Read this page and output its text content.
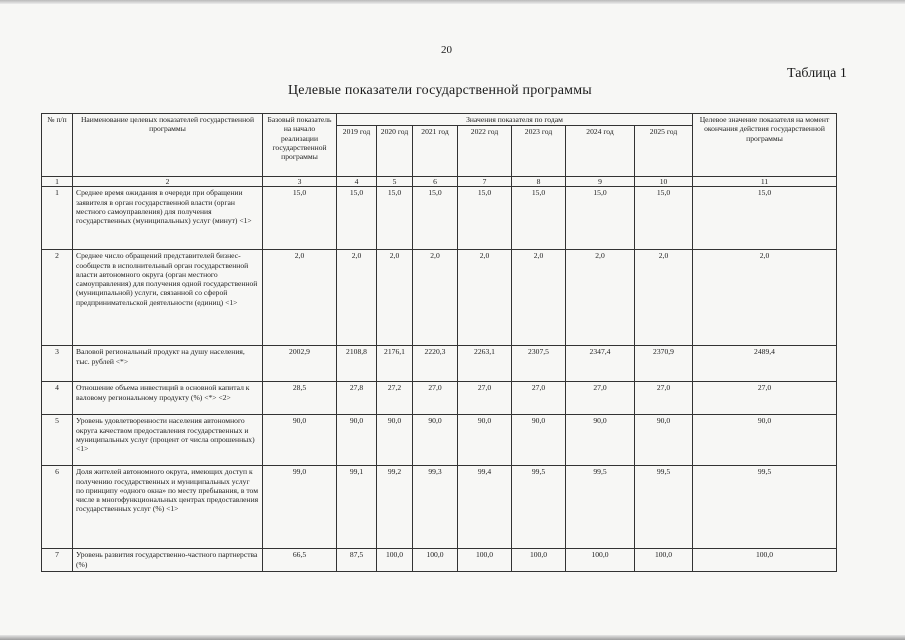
20
Таблица 1
Целевые показатели государственной программы
№ п/п	Наименование целевых показателей государственной программы	Базовый показатель на начало реализации государственной программы	Значения показателя по годам							Целевое значение показателя на момент окончания действия государственной программы
			2019 год	2020 год	2021 год	2022 год	2023 год	2024 год	2025 год	
1	2	3	4	5	6	7	8	9	10	11
1	Среднее время ожидания в очереди при обращении заявителя в орган государственной власти (орган местного самоуправления) для получения государственных (муниципальных) услуг (минут) <1>	15,0	15,0	15,0	15,0	15,0	15,0	15,0	15,0	15,0
2	Среднее число обращений представителей бизнес-сообществ в исполнительный орган государственной власти автономного округа (орган местного самоуправления) для получения одной государственной (муниципальной) услуги, связанной со сферой предпринимательской деятельности (единиц) <1>	2,0	2,0	2,0	2,0	2,0	2,0	2,0	2,0	2,0
3	Валовой региональный продукт на душу населения, тыс. рублей <*>	2002,9	2108,8	2176,1	2220,3	2263,1	2307,5	2347,4	2370,9	2489,4
4	Отношение объема инвестиций в основной капитал к валовому региональному продукту (%) <*> <2>	28,5	27,8	27,2	27,0	27,0	27,0	27,0	27,0	27,0
5	Уровень удовлетворенности населения автономного округа качеством предоставления государственных и муниципальных услуг (процент от числа опрошенных) <1>	90,0	90,0	90,0	90,0	90,0	90,0	90,0	90,0	90,0
6	Доля жителей автономного округа, имеющих доступ к получению государственных и муниципальных услуг по принципу «одного окна» по месту пребывания, в том числе в многофункциональных центрах предоставления государственных услуг (%) <1>	99,0	99,1	99,2	99,3	99,4	99,5	99,5	99,5	99,5
7	Уровень развития государственно-частного партнерства (%)	66,5	87,5	100,0	100,0	100,0	100,0	100,0	100,0	100,0
